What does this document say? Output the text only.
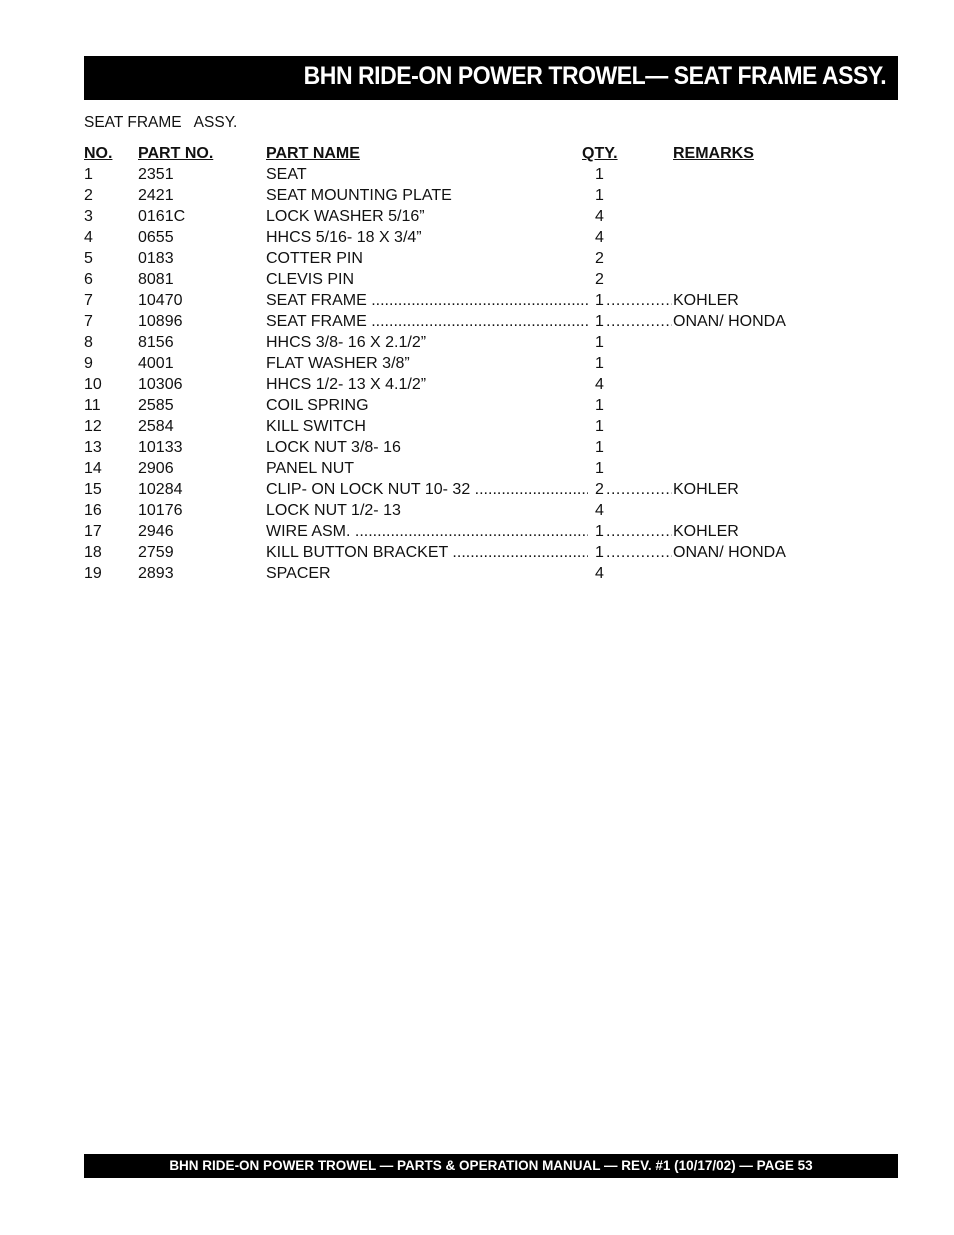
BHN RIDE-ON POWER TROWEL— SEAT FRAME ASSY.
SEAT FRAME   ASSY.
NO. PART NO.	PART NAME	QTY.	REMARKS
1	2351	SEAT	1
2	2421	SEAT MOUNTING PLATE	1
3	0161C	LOCK WASHER 5/16”	4
4	0655	HHCS 5/16- 18 X 3/4”	4
5	0183	COTTER PIN	2
6	8081	CLEVIS PIN	2
7	10470	SEAT FRAME .....	1 .....	KOHLER
7	10896	SEAT FRAME .....	1 .....	ONAN/ HONDA
8	8156	HHCS 3/8- 16 X 2.1/2”	1
9	4001	FLAT WASHER 3/8”	1
10 10306	HHCS 1/2- 13 X 4.1/2”	4
11 2585	COIL SPRING	1
12 2584	KILL SWITCH	1
13 10133	LOCK NUT 3/8- 16	1
14 2906	PANEL NUT	1
15 10284	CLIP- ON LOCK NUT 10- 32 .....	2 .....	KOHLER
16 10176	LOCK NUT 1/2- 13	4
17 2946	WIRE ASM. .....	1 .....	KOHLER
18 2759	KILL BUTTON BRACKET .....	1 .....	ONAN/ HONDA
19 2893	SPACER	4
BHN RIDE-ON POWER TROWEL — PARTS & OPERATION MANUAL — REV. #1 (10/17/02) — PAGE 53
